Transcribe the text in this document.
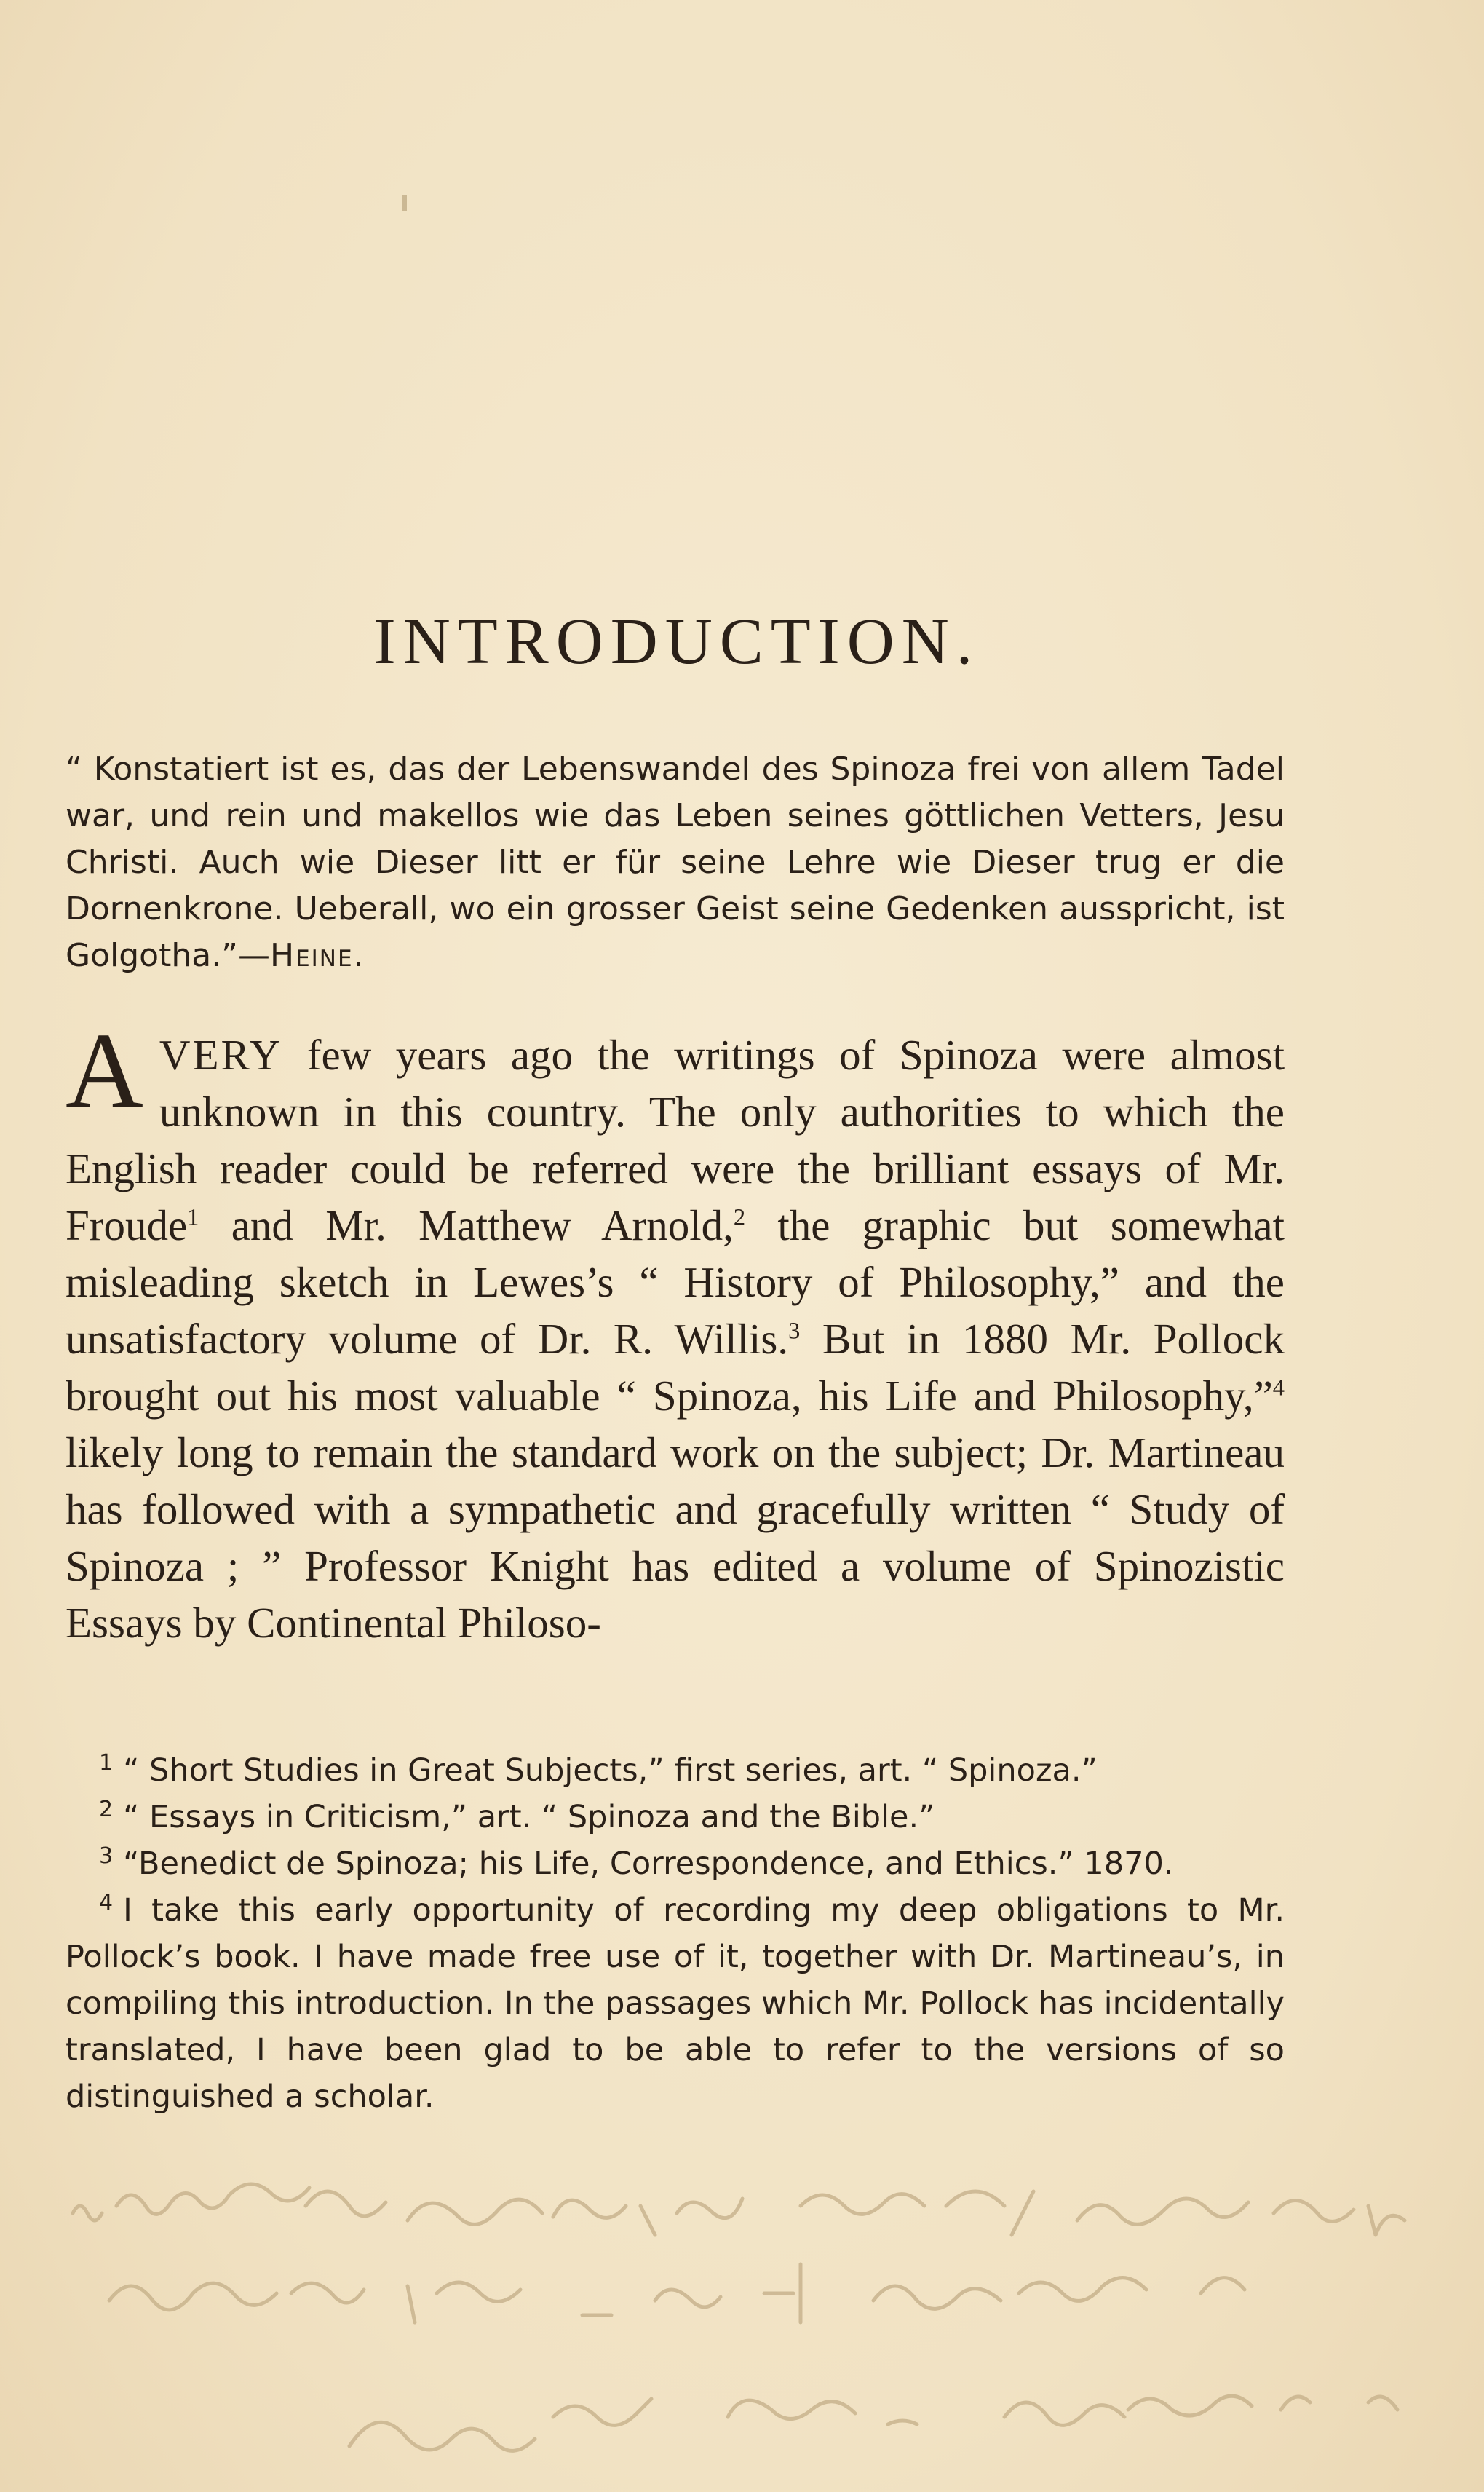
INTRODUCTION.

“ Konstatiert ist es, das der Lebenswandel des Spinoza frei von allem Tadel war, und rein und makellos wie das Leben seines göttlichen Vetters, Jesu Christi. Auch wie Dieser litt er für seine Lehre wie Dieser trug er die Dornenkrone. Ueberall, wo ein grosser Geist seine Gedenken ausspricht, ist Golgotha.”—Heine.

AVERY few years ago the writings of Spinoza were almost unknown in this country. The only authorities to which the English reader could be referred were the brilliant essays of Mr. Froude$^1$ and Mr. Matthew Arnold,$^2$ the graphic but somewhat misleading sketch in Lewes’s “ History of Philosophy,” and the unsatisfactory volume of Dr. R. Willis.$^3$ But in 1880 Mr. Pollock brought out his most valuable “ Spinoza, his Life and Philosophy,”$^4$ likely long to remain the standard work on the subject; Dr. Martineau has followed with a sympathetic and gracefully written “ Study of Spinoza ; ” Professor Knight has edited a volume of Spinozistic Essays by Continental Philoso-

$^1$ “ Short Studies in Great Subjects,” first series, art. “ Spinoza.”

$^2$ “ Essays in Criticism,” art. “ Spinoza and the Bible.”

$^3$ “Benedict de Spinoza; his Life, Correspondence, and Ethics.” 1870.

$^4$ I take this early opportunity of recording my deep obligations to Mr. Pollock’s book. I have made free use of it, together with Dr. Martineau’s, in compiling this introduction. In the passages which Mr. Pollock has incidentally translated, I have been glad to be able to refer to the versions of so distinguished a scholar.
